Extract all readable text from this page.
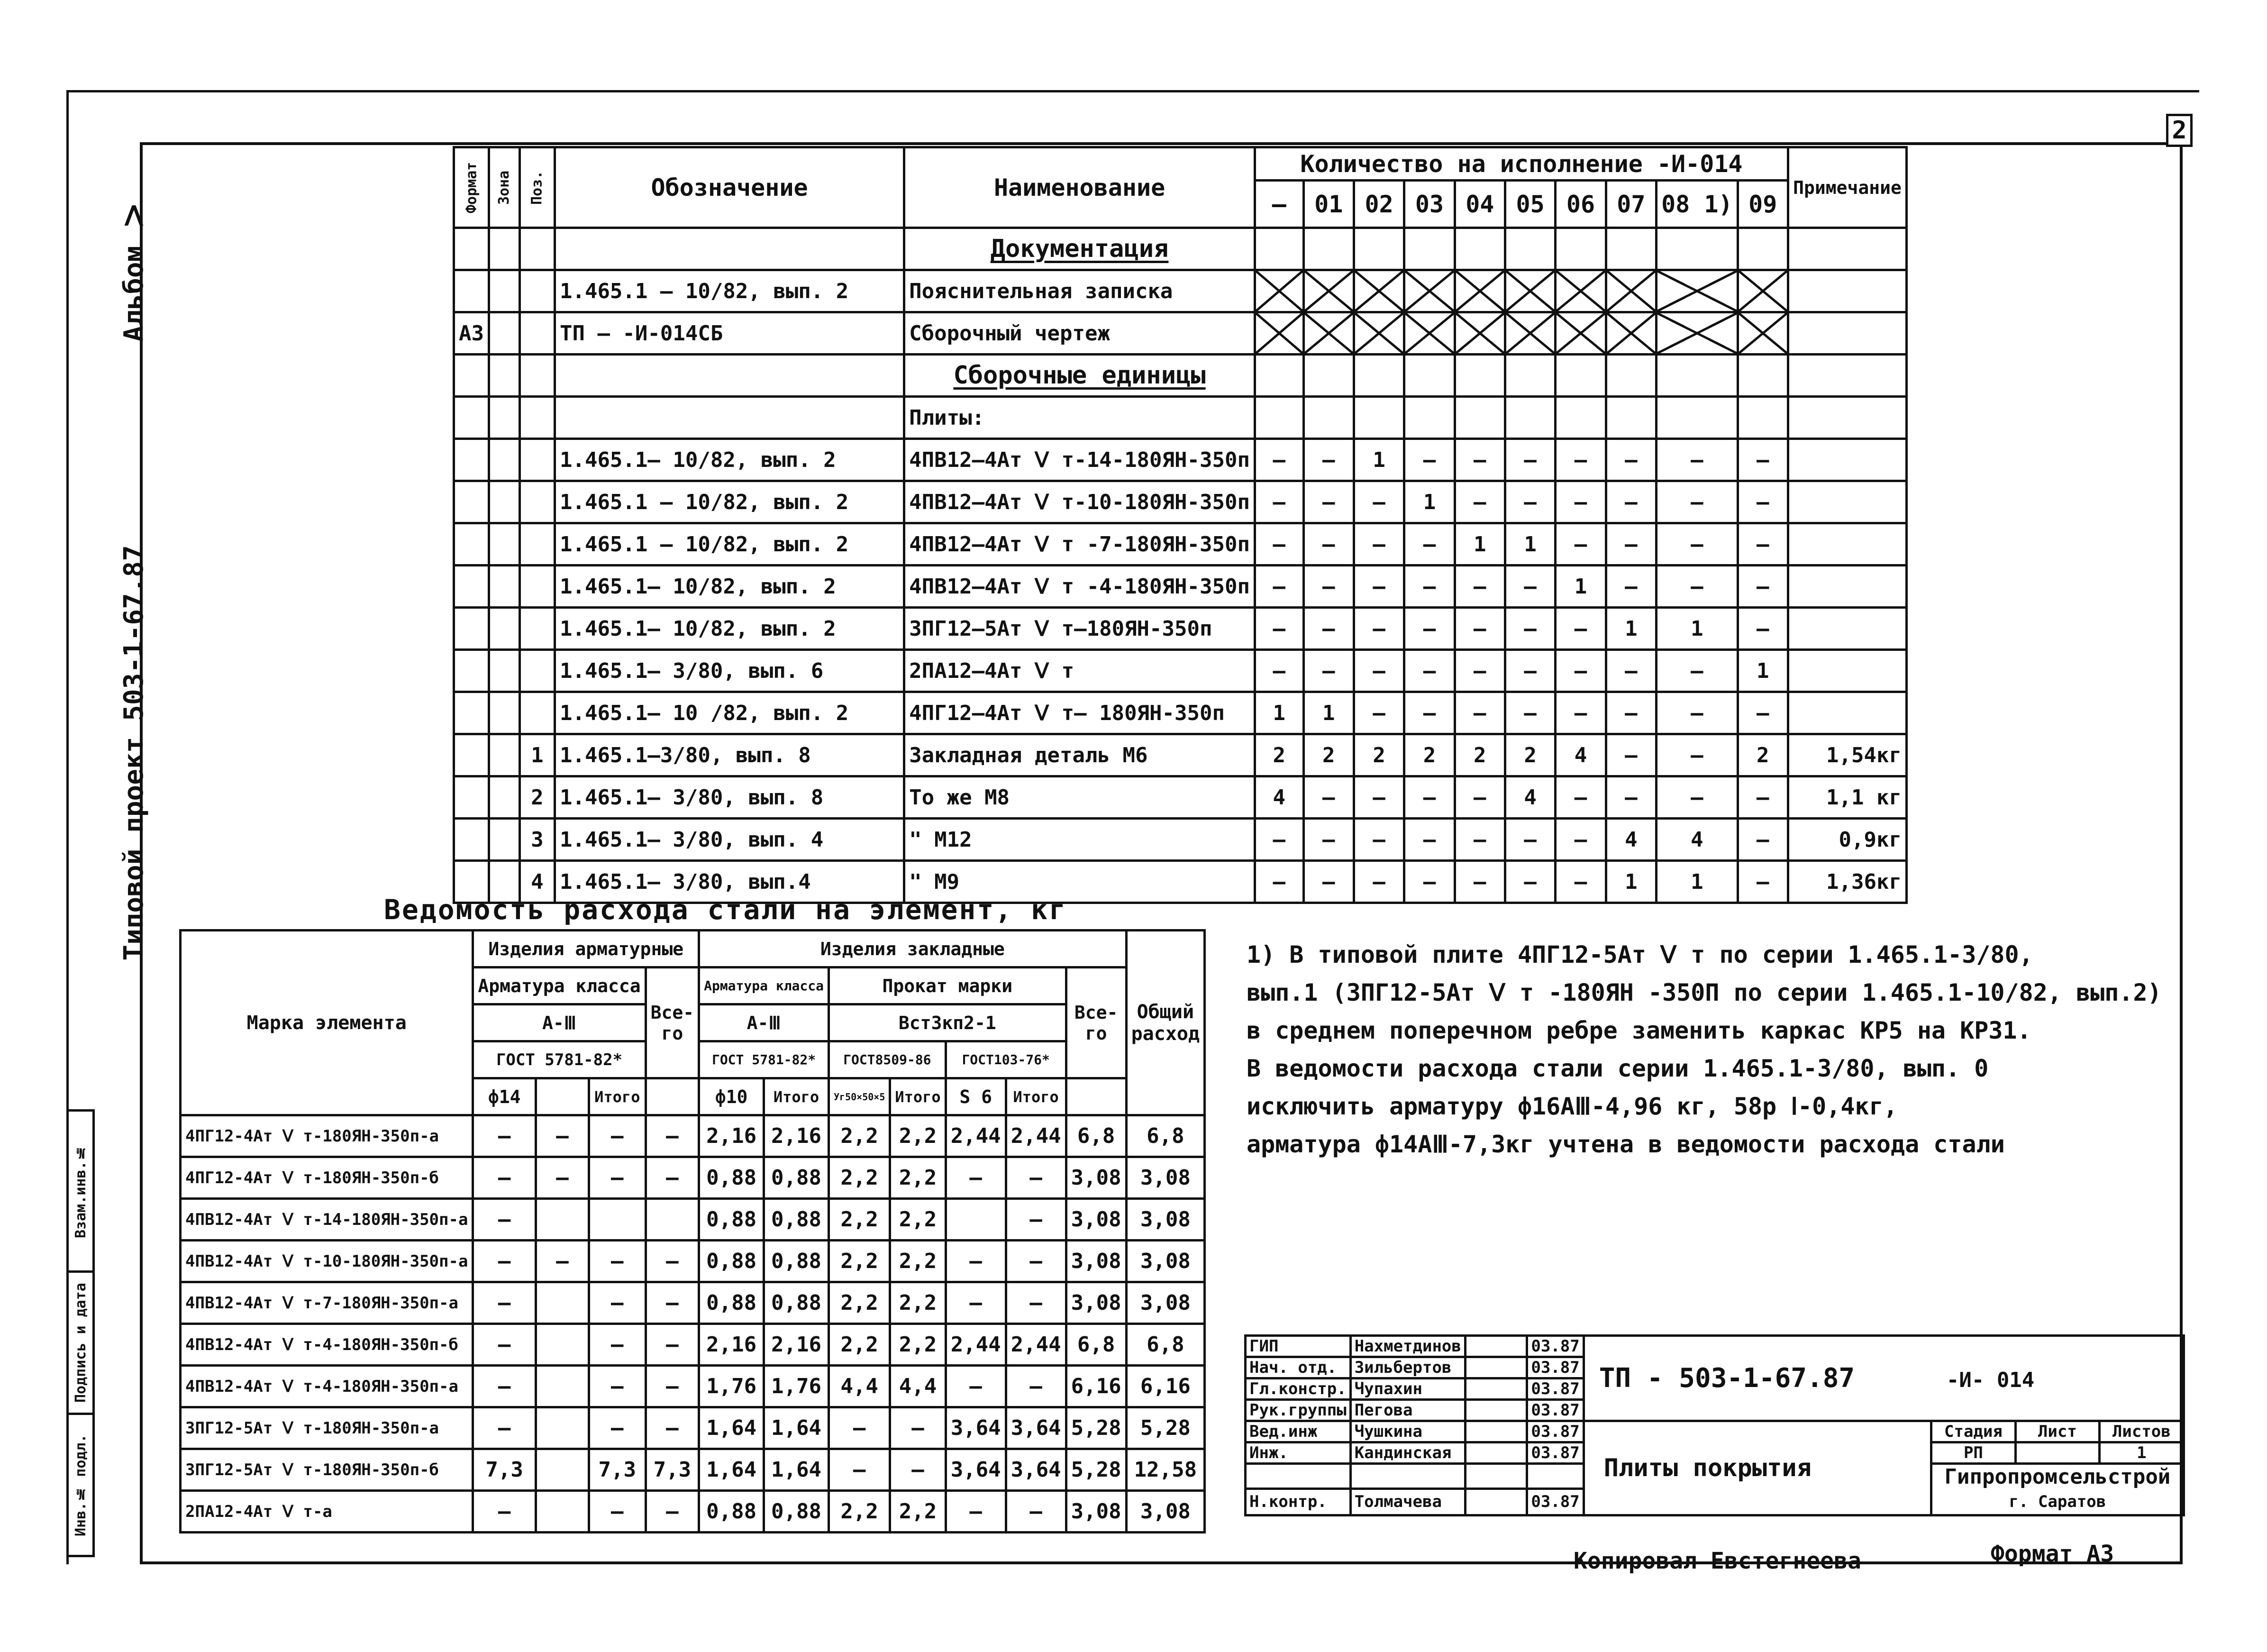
2
Альбом Ⅴ
Типовой проект 503-1-67.87
Взам.инв.№
Подпись и дата
Инв.№ подл.
Формат	Зона	Поз.	Обозначение	Наименование	Количество на исполнение -И-014										Примечание
					–	01	02	03	04	05	06	07	08 1)	09	
				Документация											
			1.465.1 – 10/82, вып. 2	Пояснительная записка											
А3			ТП – -И-014СБ	Сборочный чертеж											
				Сборочные единицы											
				Плиты:											
			1.465.1– 10/82, вып. 2	4ПВ12–4Ат Ⅴ т-14-180ЯН-350п	—	—	1	—	—	—	—	—	—	—	
			1.465.1 – 10/82, вып. 2	4ПВ12–4Ат Ⅴ т-10-180ЯН-350п	—	—	—	1	—	—	—	—	—	—	
			1.465.1 – 10/82, вып. 2	4ПВ12–4Ат Ⅴ т -7-180ЯН-350п	—	—	—	—	1	1	—	—	—	—	
			1.465.1– 10/82, вып. 2	4ПВ12–4Ат Ⅴ т -4-180ЯН-350п	—	—	—	—	—	—	1	—	—	—	
			1.465.1– 10/82, вып. 2	3ПГ12–5Ат Ⅴ т–180ЯН-350п	—	—	—	—	—	—	—	1	1	—	
			1.465.1– 3/80, вып. 6	2ПА12–4Ат Ⅴ т	—	—	—	—	—	—	—	—	—	1	
			1.465.1– 10 /82, вып. 2	4ПГ12–4Ат Ⅴ т– 180ЯН-350п	1	1	—	—	—	—	—	—	—	—	
		1	1.465.1–3/80, вып. 8	Закладная деталь М6	2	2	2	2	2	2	4	—	—	2	1,54кг
		2	1.465.1– 3/80, вып. 8	То же М8	4	—	—	—	—	4	—	—	—	—	1,1 кг
		3	1.465.1– 3/80, вып. 4	" М12	—	—	—	—	—	—	—	4	4	—	0,9кг
		4	1.465.1– 3/80, вып.4	" М9	—	—	—	—	—	—	—	1	1	—	1,36кг
Ведомость расхода стали на элемент, кг
Марка элемента	Изделия арматурные				Изделия закладные							Общий расход
	Арматура класса			Все-го	Арматура класса		Прокат марки				Все-го	
	А-Ⅲ				А-Ⅲ		Вст3кп2-1					
	ГОСТ 5781-82*				ГОСТ 5781-82*		ГОСТ8509-86		ГОСТ103-76*			
	ф14		Итого		ф10	Итого	Уг50×50×5	Итого	S 6	Итого		
4ПГ12-4Ат Ⅴ т-180ЯН-350п-а	—	—	—	—	2,16	2,16	2,2	2,2	2,44	2,44	6,8	6,8
4ПГ12-4Ат Ⅴ т-180ЯН-350п-б	—	—	—	—	0,88	0,88	2,2	2,2	—	—	3,08	3,08
4ПВ12-4Ат Ⅴ т-14-180ЯН-350п-а	—				0,88	0,88	2,2	2,2		—	3,08	3,08
4ПВ12-4Ат Ⅴ т-10-180ЯН-350п-а	—	—	—	—	0,88	0,88	2,2	2,2	—	—	3,08	3,08
4ПВ12-4Ат Ⅴ т-7-180ЯН-350п-а	—		—	—	0,88	0,88	2,2	2,2	—	—	3,08	3,08
4ПВ12-4Ат Ⅴ т-4-180ЯН-350п-б	—		—	—	2,16	2,16	2,2	2,2	2,44	2,44	6,8	6,8
4ПВ12-4Ат Ⅴ т-4-180ЯН-350п-а	—		—	—	1,76	1,76	4,4	4,4	—	—	6,16	6,16
3ПГ12-5Ат Ⅴ т-180ЯН-350п-а	—		—	—	1,64	1,64	—	—	3,64	3,64	5,28	5,28
3ПГ12-5Ат Ⅴ т-180ЯН-350п-б	7,3		7,3	7,3	1,64	1,64	—	—	3,64	3,64	5,28	12,58
2ПА12-4Ат Ⅴ т-а	—		—	—	0,88	0,88	2,2	2,2	—	—	3,08	3,08
1) В типовой плите 4ПГ12-5Ат Ⅴ т по серии 1.465.1-3/80,
вып.1 (3ПГ12-5Ат Ⅴ т -180ЯН -350П по серии 1.465.1-10/82, вып.2)
в среднем поперечном ребре заменить каркас КР5 на КР31.
В ведомости расхода стали серии 1.465.1-3/80, вып. 0
исключить арматуру ф16АⅢ-4,96 кг, 58р Ⅰ-0,4кг,
арматура ф14АⅢ-7,3кг учтена в ведомости расхода стали
ГИП	Нахметдинов		03.87	ТП - 503-1-67.87 -И- 014			
Нач. отд.	Зильбертов		03.87				
Гл.констр.	Чупахин		03.87				
Рук.группы	Пегова		03.87				
Вед.инж	Чушкина		03.87	Плиты покрытия	Стадия	Лист	Листов
Инж.	Кандинская		03.87		РП		1

					Гипропромсельстрой
г. Саратов		

Н.контр.	Толмачева		03.87				
Копировал Евстегнеева	Формат А3
